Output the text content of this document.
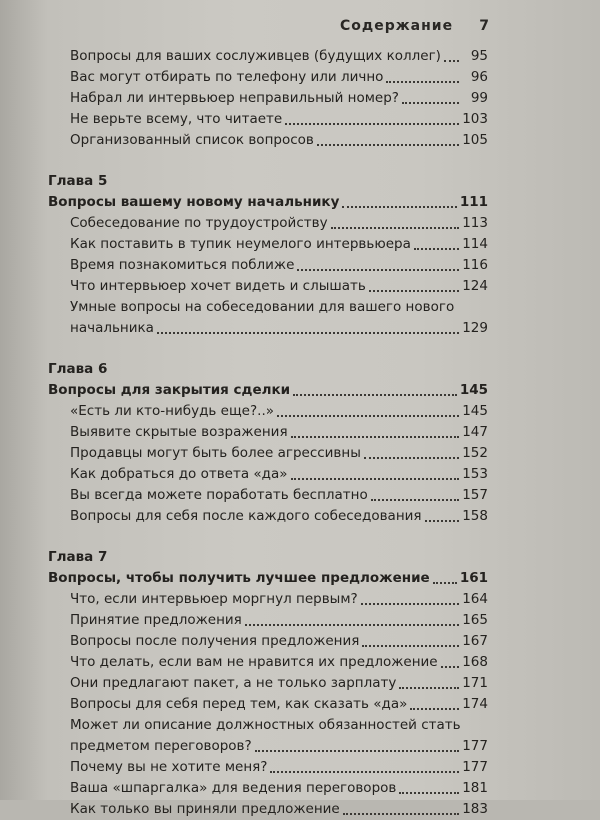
Содержание 7
Вопросы для ваших сослуживцев (будущих коллег)	95
Вас могут отбирать по телефону или лично	96
Набрал ли интервьюер неправильный номер?	99
Не верьте всему, что читаете	103
Организованный список вопросов	105
Глава 5
Вопросы вашему новому начальнику	111
Собеседование по трудоустройству	113
Как поставить в тупик неумелого интервьюера	114
Время познакомиться поближе	116
Что интервьюер хочет видеть и слышать	124
Умные вопросы на собеседовании для вашего нового
начальника	129
Глава 6
Вопросы для закрытия сделки	145
«Есть ли кто-нибудь еще?..»	145
Выявите скрытые возражения	147
Продавцы могут быть более агрессивны	152
Как добраться до ответа «да»	153
Вы всегда можете поработать бесплатно	157
Вопросы для себя после каждого собеседования	158
Глава 7
Вопросы, чтобы получить лучшее предложение 161
Что, если интервьюер моргнул первым?	164
Принятие предложения	165
Вопросы после получения предложения	167
Что делать, если вам не нравится их предложение 168
Они предлагают пакет, а не только зарплату	171
Вопросы для себя перед тем, как сказать «да»	174
Может ли описание должностных обязанностей стать
предметом переговоров?	177
Почему вы не хотите меня?	177
Ваша «шпаргалка» для ведения переговоров	181
Как только вы приняли предложение	183
